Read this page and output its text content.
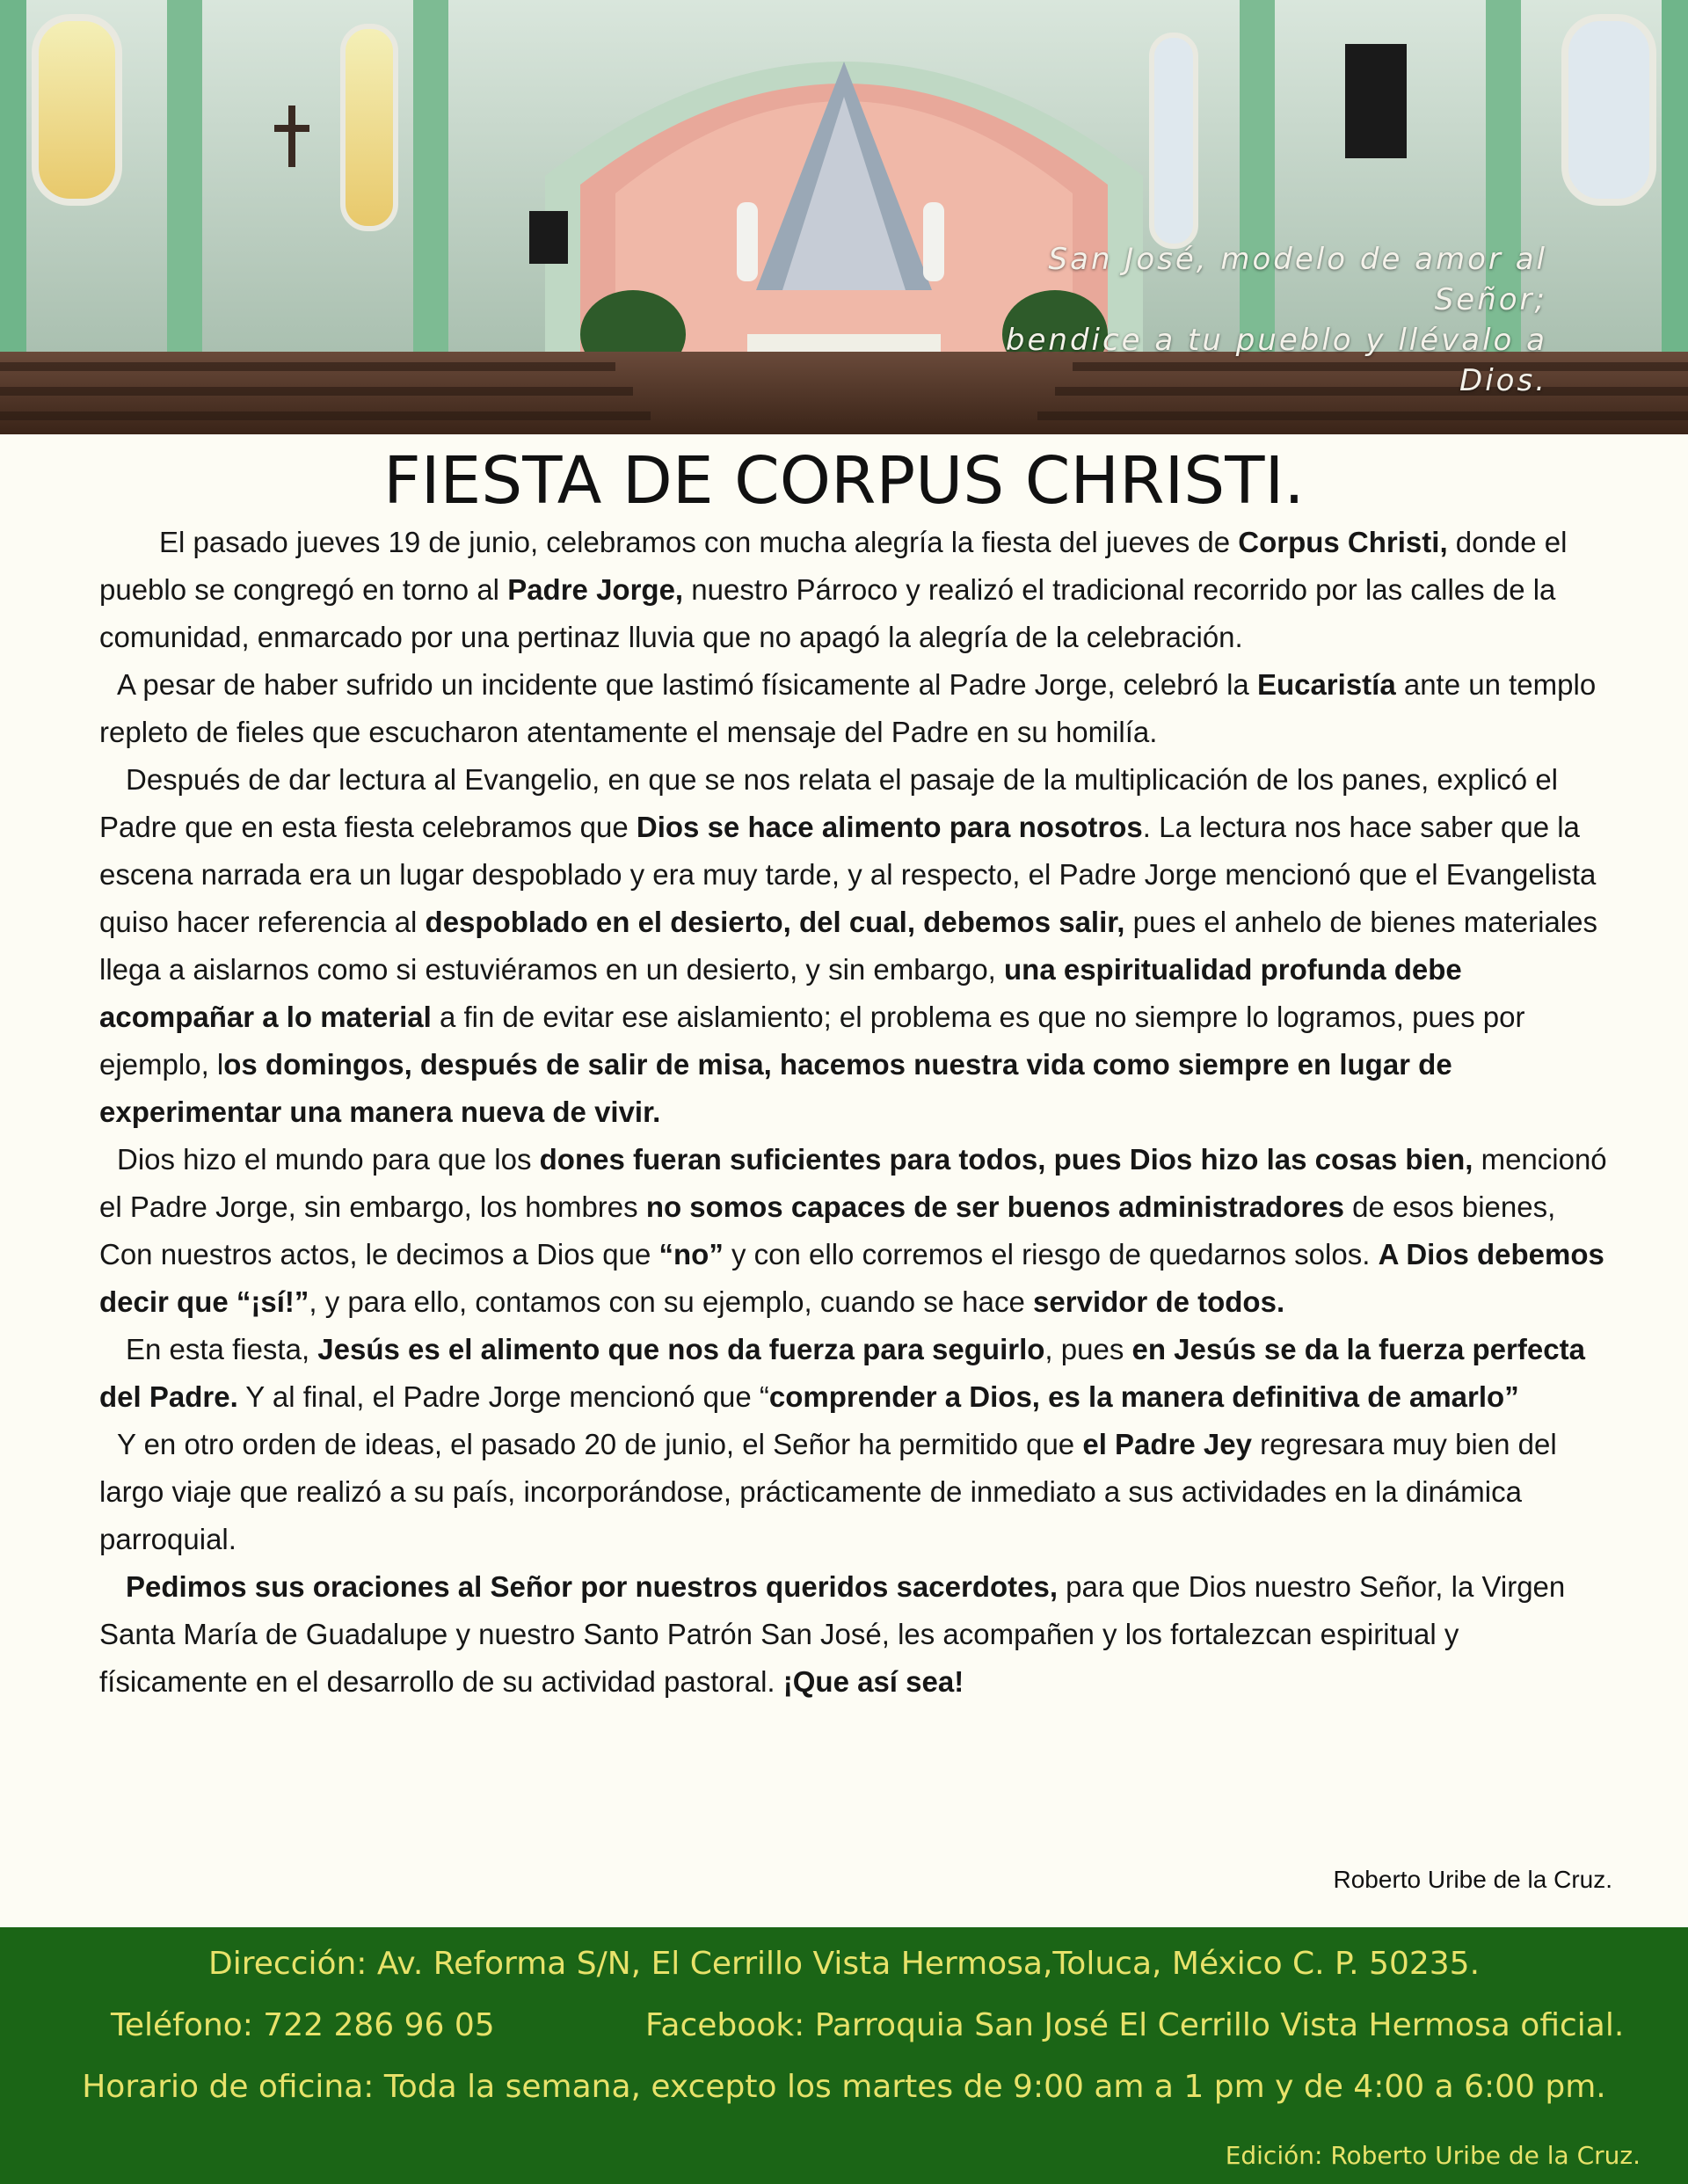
San José, modelo de amor al Señor;
bendice a tu pueblo y llévalo a Dios.
FIESTA DE CORPUS CHRISTI.

El pasado jueves 19 de junio, celebramos con mucha alegría la fiesta del jueves de Corpus Christi, donde el pueblo se congregó en torno al Padre Jorge, nuestro Párroco y realizó el tradicional recorrido por las calles de la comunidad, enmarcado por una pertinaz lluvia que no apagó la alegría de la celebración.

A pesar de haber sufrido un incidente que lastimó físicamente al Padre Jorge, celebró la Eucaristía ante un templo repleto de fieles que escucharon atentamente el mensaje del Padre en su homilía.

Después de dar lectura al Evangelio, en que se nos relata el pasaje de la multiplicación de los panes, explicó el Padre que en esta fiesta celebramos que Dios se hace alimento para nosotros. La lectura nos hace saber que la escena narrada era un lugar despoblado y era muy tarde, y al respecto, el Padre Jorge mencionó que el Evangelista quiso hacer referencia al despoblado en el desierto, del cual, debemos salir, pues el anhelo de bienes materiales llega a aislarnos como si estuviéramos en un desierto, y sin embargo, una espiritualidad profunda debe acompañar a lo material a fin de evitar ese aislamiento; el problema es que no siempre lo logramos, pues por ejemplo, los domingos, después de salir de misa, hacemos nuestra vida como siempre en lugar de experimentar una manera nueva de vivir.

Dios hizo el mundo para que los dones fueran suficientes para todos, pues Dios hizo las cosas bien, mencionó el Padre Jorge, sin embargo, los hombres no somos capaces de ser buenos administradores de esos bienes, Con nuestros actos, le decimos a Dios que “no” y con ello corremos el riesgo de quedarnos solos. A Dios debemos decir que “¡sí!”, y para ello, contamos con su ejemplo, cuando se hace servidor de todos.

En esta fiesta, Jesús es el alimento que nos da fuerza para seguirlo, pues en Jesús se da la fuerza perfecta del Padre. Y al final, el Padre Jorge mencionó que “comprender a Dios, es la manera definitiva de amarlo”

Y en otro orden de ideas, el pasado 20 de junio, el Señor ha permitido que el Padre Jey regresara muy bien del largo viaje que realizó a su país, incorporándose, prácticamente de inmediato a sus actividades en la dinámica parroquial.

Pedimos sus oraciones al Señor por nuestros queridos sacerdotes, para que Dios nuestro Señor, la Virgen Santa María de Guadalupe y nuestro Santo Patrón San José, les acompañen y los fortalezcan espiritual y físicamente en el desarrollo de su actividad pastoral. ¡Que así sea!

Roberto Uribe de la Cruz.
Dirección: Av. Reforma S/N, El Cerrillo Vista Hermosa,Toluca, México C. P. 50235.
Teléfono: 722 286 96 05	Facebook: Parroquia San José El Cerrillo Vista Hermosa oficial.
Horario de oficina: Toda la semana, excepto los martes de 9:00 am a 1 pm y de 4:00 a 6:00 pm.
Edición: Roberto Uribe de la Cruz.
